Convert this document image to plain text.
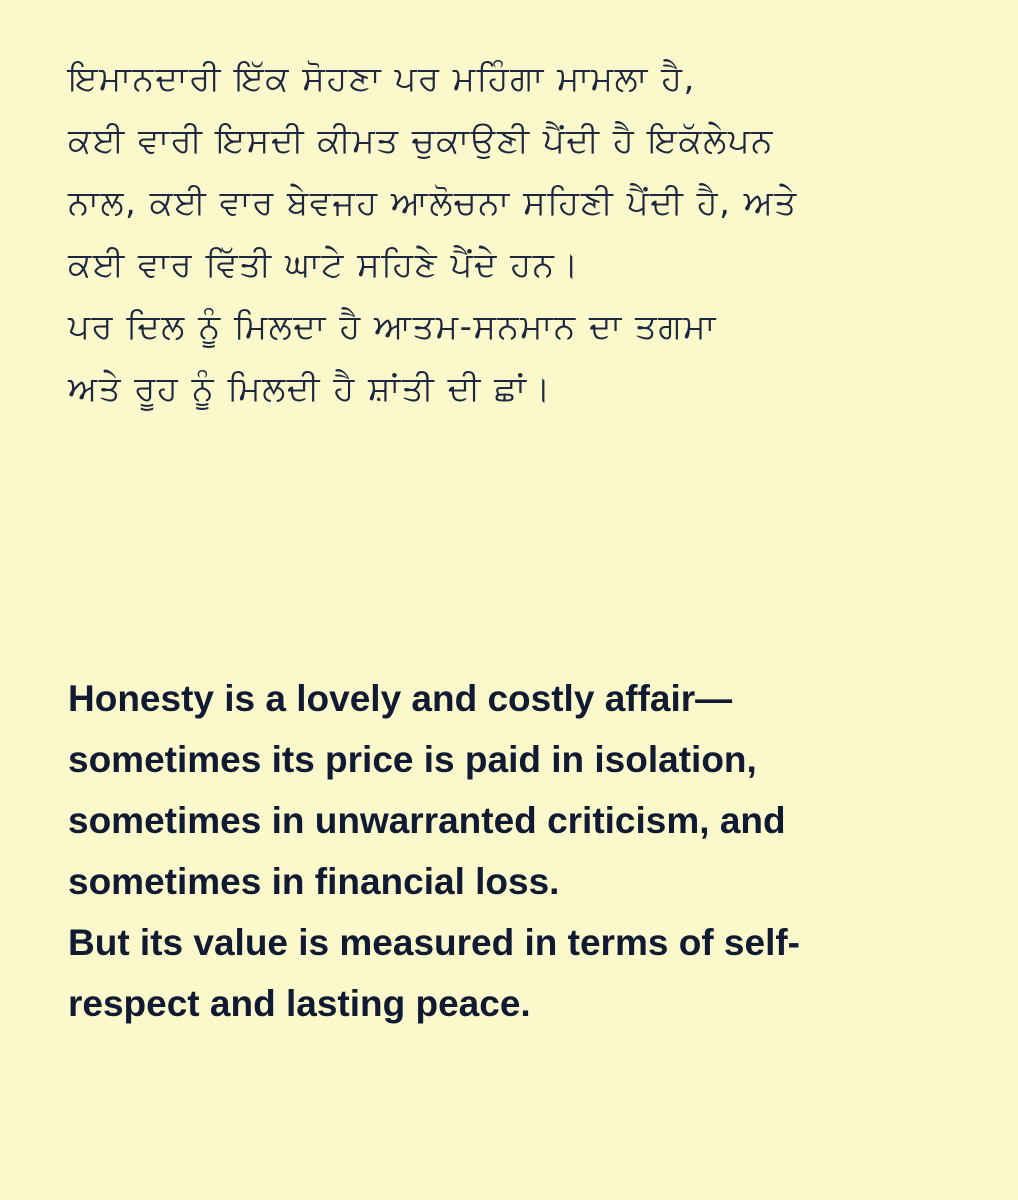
ਇਮਾਨਦਾਰੀ ਇੱਕ ਸੋਹਣਾ ਪਰ ਮਹਿੰਗਾ ਮਾਮਲਾ ਹੈ,
ਕਈ ਵਾਰੀ ਇਸਦੀ ਕੀਮਤ ਚੁਕਾਉਣੀ ਪੈਂਦੀ ਹੈ ਇਕੱਲੇਪਨ
ਨਾਲ, ਕਈ ਵਾਰ ਬੇਵਜਹ ਆਲੋਚਨਾ ਸਹਿਣੀ ਪੈਂਦੀ ਹੈ, ਅਤੇ
ਕਈ ਵਾਰ ਵਿੱਤੀ ਘਾਟੇ ਸਹਿਣੇ ਪੈਂਦੇ ਹਨ।
ਪਰ ਦਿਲ ਨੂੰ ਮਿਲਦਾ ਹੈ ਆਤਮ-ਸਨਮਾਨ ਦਾ ਤਗਮਾ
ਅਤੇ ਰੂਹ ਨੂੰ ਮਿਲਦੀ ਹੈ ਸ਼ਾਂਤੀ ਦੀ ਛਾਂ।
Honesty is a lovely and costly affair—
sometimes its price is paid in isolation,
sometimes in unwarranted criticism, and
sometimes in financial loss.
But its value is measured in terms of self-
respect and lasting peace.
